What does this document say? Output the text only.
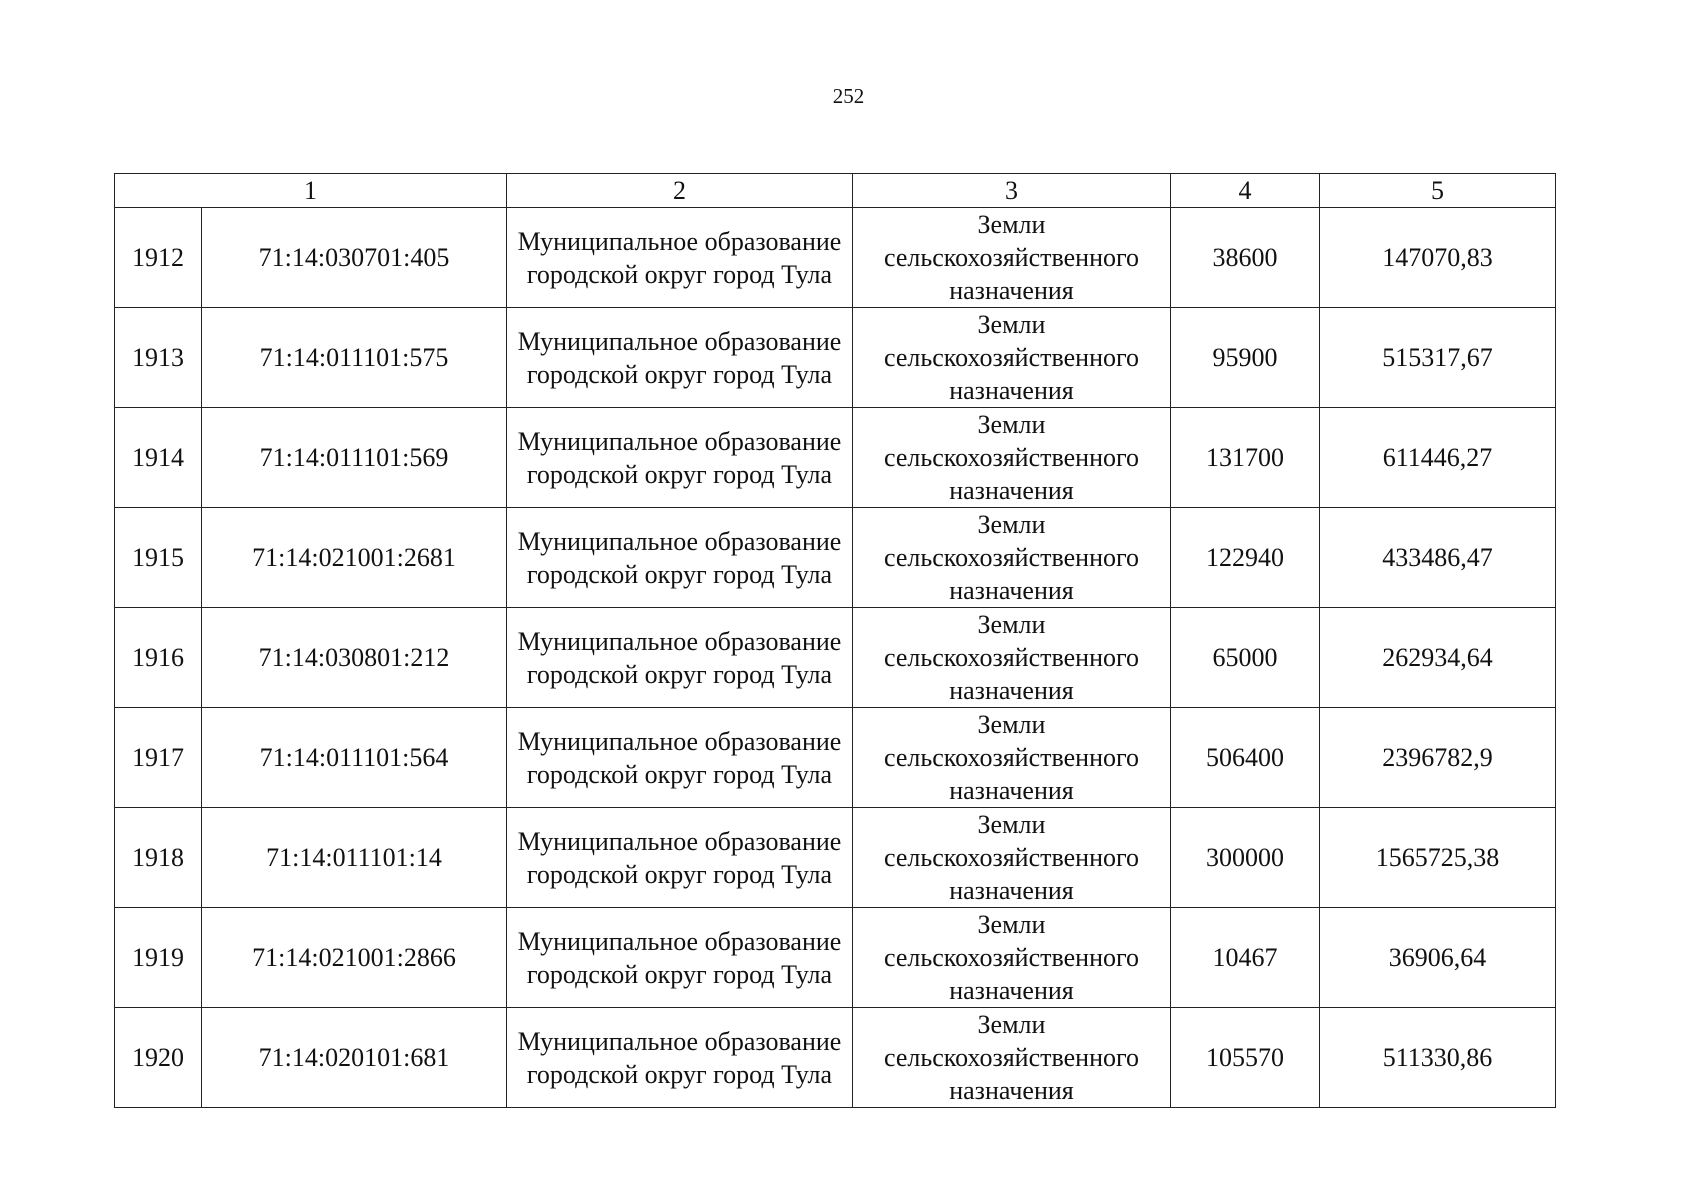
252
1		2	3	4	5
1912	71:14:030701:405	Муниципальное образование городской округ город Тула	Земли сельскохозяйственного назначения	38600	147070,83
1913	71:14:011101:575	Муниципальное образование городской округ город Тула	Земли сельскохозяйственного назначения	95900	515317,67
1914	71:14:011101:569	Муниципальное образование городской округ город Тула	Земли сельскохозяйственного назначения	131700	611446,27
1915	71:14:021001:2681	Муниципальное образование городской округ город Тула	Земли сельскохозяйственного назначения	122940	433486,47
1916	71:14:030801:212	Муниципальное образование городской округ город Тула	Земли сельскохозяйственного назначения	65000	262934,64
1917	71:14:011101:564	Муниципальное образование городской округ город Тула	Земли сельскохозяйственного назначения	506400	2396782,9
1918	71:14:011101:14	Муниципальное образование городской округ город Тула	Земли сельскохозяйственного назначения	300000	1565725,38
1919	71:14:021001:2866	Муниципальное образование городской округ город Тула	Земли сельскохозяйственного назначения	10467	36906,64
1920	71:14:020101:681	Муниципальное образование городской округ город Тула	Земли сельскохозяйственного назначения	105570	511330,86
